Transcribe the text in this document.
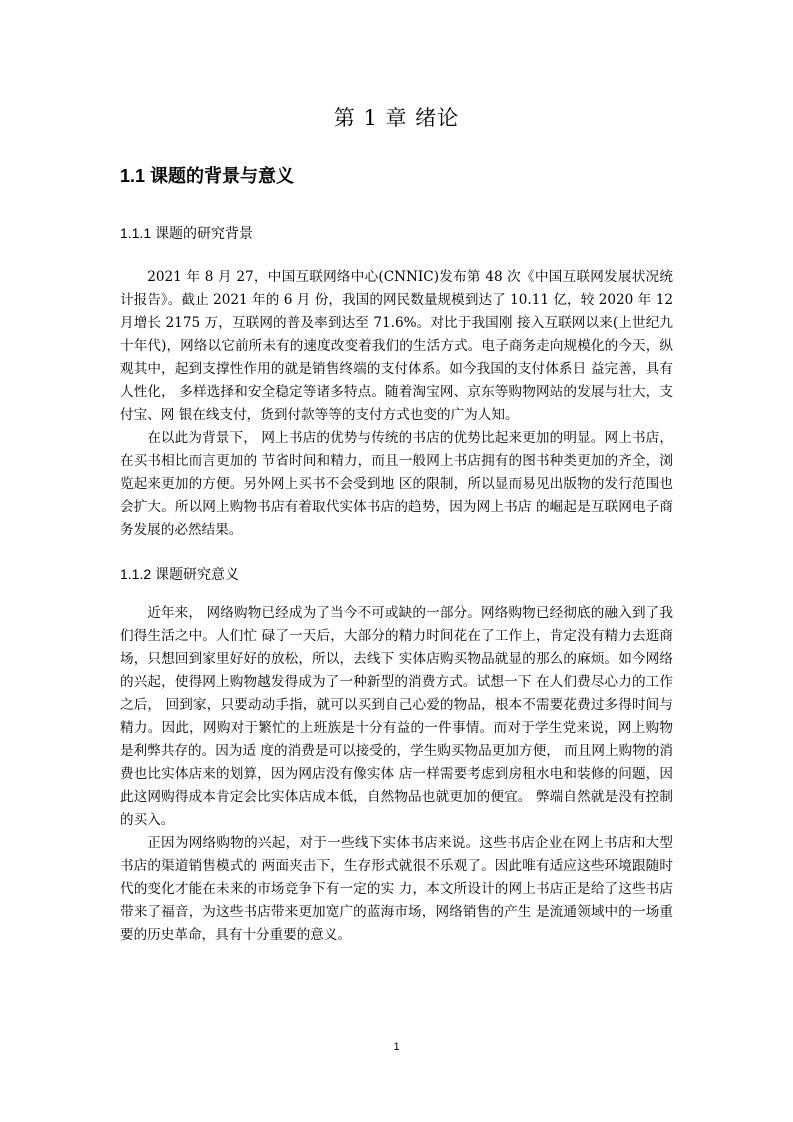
第 1 章 绪论
1.1 课题的背景与意义
1.1.1 课题的研究背景

2021 年 8 月 27，中国互联网络中心(CNNIC)发布第 48 次《中国互联网发展状况统计报告》。截止 2021 年的 6 月 份，我国的网民数量规模到达了 10.11 亿，较 2020 年 12 月增长 2175 万，互联网的普及率到达至 71.6%。对比于我国刚 接入互联网以来(上世纪九十年代)，网络以它前所未有的速度改变着我们的生活方式。电子商务走向规模化的今天，纵观其中，起到支撑性作用的就是销售终端的支付体系。如今我国的支付体系日 益完善，具有人性化， 多样选择和安全稳定等诸多特点。随着淘宝网、京东等购物网站的发展与壮大，支付宝、网 银在线支付，货到付款等等的支付方式也变的广为人知。

在以此为背景下， 网上书店的优势与传统的书店的优势比起来更加的明显。网上书店，在买书相比而言更加的 节省时间和精力，而且一般网上书店拥有的图书种类更加的齐全，浏览起来更加的方便。另外网上买书不会受到地 区的限制，所以显而易见出版物的发行范围也会扩大。所以网上购物书店有着取代实体书店的趋势，因为网上书店 的崛起是互联网电子商务发展的必然结果。

1.1.2 课题研究意义

近年来， 网络购物已经成为了当今不可或缺的一部分。网络购物已经彻底的融入到了我们得生活之中。人们忙 碌了一天后，大部分的精力时间花在了工作上，肯定没有精力去逛商场，只想回到家里好好的放松，所以，去线下 实体店购买物品就显的那么的麻烦。如今网络的兴起，使得网上购物越发得成为了一种新型的消费方式。试想一下 在人们费尽心力的工作之后， 回到家，只要动动手指，就可以买到自己心爱的物品，根本不需要花费过多得时间与 精力。因此，网购对于繁忙的上班族是十分有益的一件事情。而对于学生党来说，网上购物是利弊共存的。因为适 度的消费是可以接受的，学生购买物品更加方便， 而且网上购物的消费也比实体店来的划算，因为网店没有像实体 店一样需要考虑到房租水电和装修的问题，因此这网购得成本肯定会比实体店成本低，自然物品也就更加的便宜。 弊端自然就是没有控制的买入。

正因为网络购物的兴起，对于一些线下实体书店来说。这些书店企业在网上书店和大型书店的渠道销售模式的 两面夹击下，生存形式就很不乐观了。因此唯有适应这些环境跟随时代的变化才能在未来的市场竞争下有一定的实 力，本文所设计的网上书店正是给了这些书店带来了福音，为这些书店带来更加宽广的蓝海市场，网络销售的产生 是流通领域中的一场重要的历史革命，具有十分重要的意义。

1
